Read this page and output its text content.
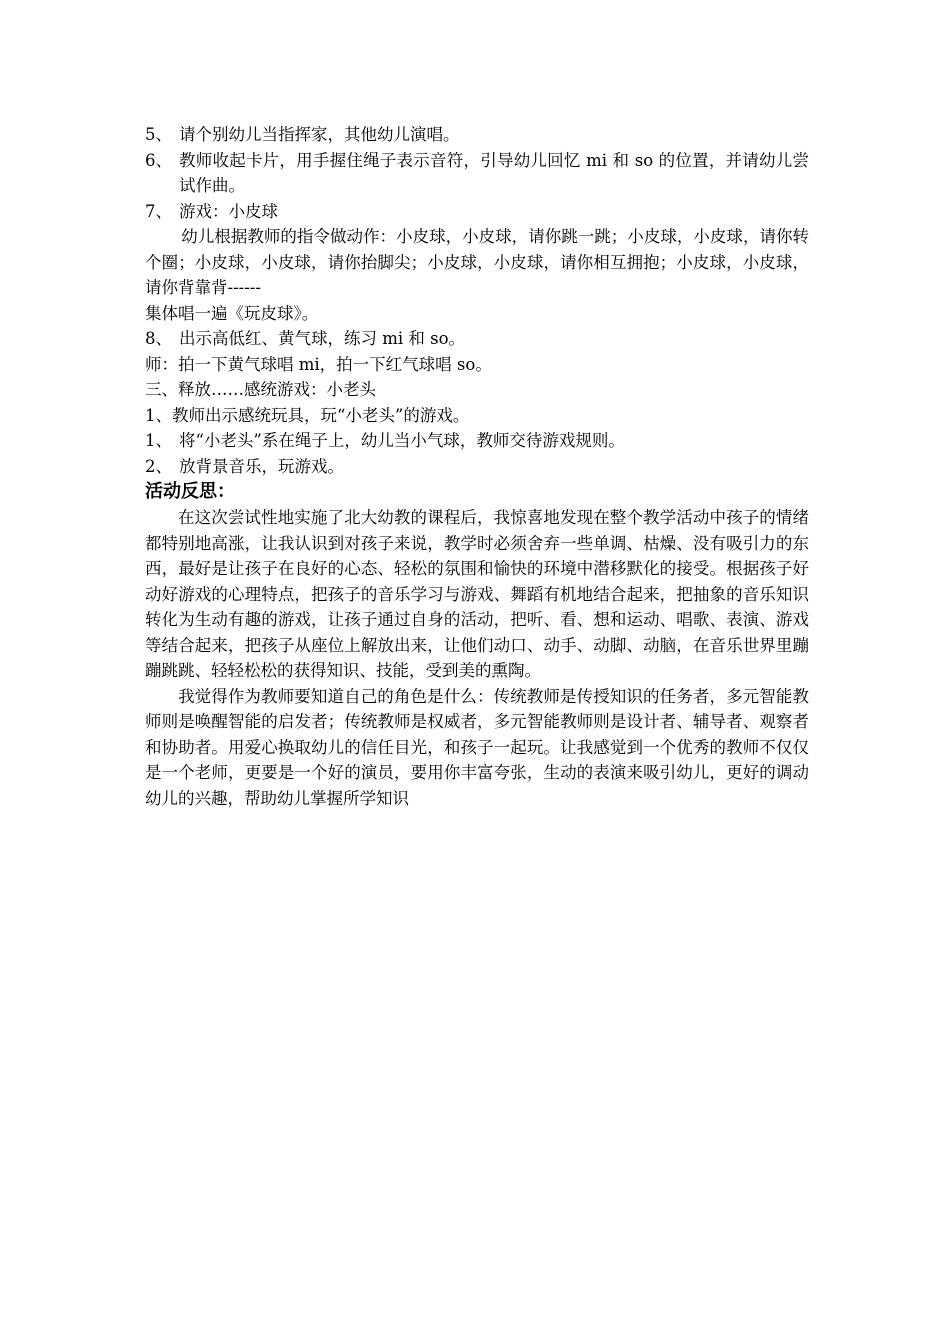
5、 请个别幼儿当指挥家，其他幼儿演唱。
6、 教师收起卡片，用手握住绳子表示音符，引导幼儿回忆 mi 和 so 的位置，并请幼儿尝试作曲。
7、 游戏：小皮球

幼儿根据教师的指令做动作：小皮球，小皮球，请你跳一跳；小皮球，小皮球，请你转个圈；小皮球，小皮球，请你抬脚尖；小皮球，小皮球，请你相互拥抱；小皮球，小皮球，请你背靠背------

集体唱一遍《玩皮球》。

8、 出示高低红、黄气球，练习 mi 和 so。

师：拍一下黄气球唱 mi，拍一下红气球唱 so。

三、释放……感统游戏：小老头

1、教师出示感统玩具，玩“小老头”的游戏。

1、 将“小老头”系在绳子上，幼儿当小气球，教师交待游戏规则。
2、 放背景音乐，玩游戏。

活动反思：

在这次尝试性地实施了北大幼教的课程后，我惊喜地发现在整个教学活动中孩子的情绪都特别地高涨，让我认识到对孩子来说，教学时必须舍弃一些单调、枯燥、没有吸引力的东西，最好是让孩子在良好的心态、轻松的氛围和愉快的环境中潜移默化的接受。根据孩子好动好游戏的心理特点，把孩子的音乐学习与游戏、舞蹈有机地结合起来，把抽象的音乐知识转化为生动有趣的游戏，让孩子通过自身的活动，把听、看、想和运动、唱歌、表演、游戏等结合起来，把孩子从座位上解放出来，让他们动口、动手、动脚、动脑，在音乐世界里蹦蹦跳跳、轻轻松松的获得知识、技能，受到美的熏陶。

我觉得作为教师要知道自己的角色是什么：传统教师是传授知识的任务者，多元智能教师则是唤醒智能的启发者；传统教师是权威者，多元智能教师则是设计者、辅导者、观察者和协助者。用爱心换取幼儿的信任目光，和孩子一起玩。让我感觉到一个优秀的教师不仅仅是一个老师，更要是一个好的演员，要用你丰富夸张，生动的表演来吸引幼儿，更好的调动幼儿的兴趣，帮助幼儿掌握所学知识
